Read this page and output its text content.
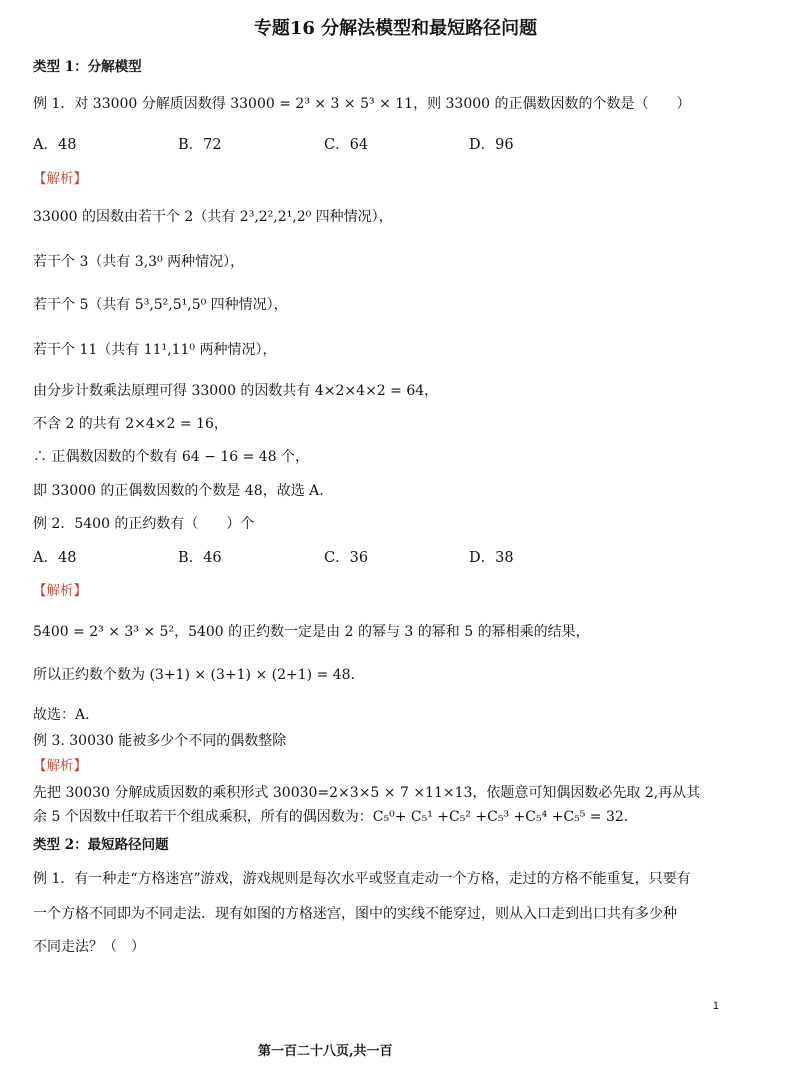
专题16 分解法模型和最短路径问题
类型 1：分解模型
例 1．对 33000 分解质因数得 33000 = 2³ × 3 × 5³ × 11，则 33000 的正偶数因数的个数是（　　）
A．48	B．72	C．64	D．96
【解析】
33000 的因数由若干个 2（共有 2³,2²,2¹,2⁰ 四种情况），
若干个 3（共有 3,3⁰ 两种情况），
若干个 5（共有 5³,5²,5¹,5⁰ 四种情况），
若干个 11（共有 11¹,11⁰ 两种情况），
由分步计数乘法原理可得 33000 的因数共有 4×2×4×2 = 64，
不含 2 的共有 2×4×2 = 16，
∴ 正偶数因数的个数有 64 − 16 = 48 个，
即 33000 的正偶数因数的个数是 48，故选 A.
例 2．5400 的正约数有（　　）个
A．48	B．46	C．36	D．38
【解析】
5400 = 2³ × 3³ × 5²，5400 的正约数一定是由 2 的幂与 3 的幂和 5 的幂相乘的结果，
所以正约数个数为 (3+1) × (3+1) × (2+1) = 48．
故选：A.
例 3. 30030 能被多少个不同的偶数整除
【解析】
先把 30030 分解成质因数的乘积形式 30030=2×3×5 × 7 ×11×13，依题意可知偶因数必先取 2,再从其
余 5 个因数中任取若干个组成乘积，所有的偶因数为：C₅⁰+ C₅¹ +C₅² +C₅³ +C₅⁴ +C₅⁵ = 32．
类型 2：最短路径问题
例 1．有一种走“方格迷宫”游戏，游戏规则是每次水平或竖直走动一个方格，走过的方格不能重复，只要有
一个方格不同即为不同走法．现有如图的方格迷宫，图中的实线不能穿过，则从入口走到出口共有多少种
不同走法？（　）
1
第一百二十八页,共一百
